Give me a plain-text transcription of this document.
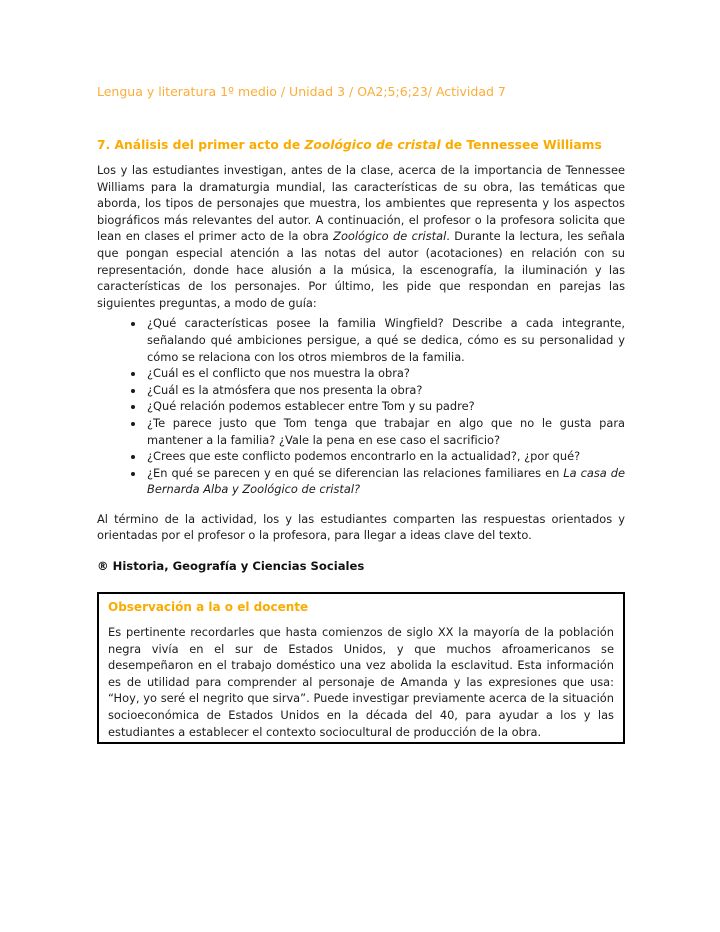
Lengua y literatura 1º medio / Unidad 3 / OA2;5;6;23/ Actividad 7
7. Análisis del primer acto de Zoológico de cristal de Tennessee Williams

Los y las estudiantes investigan, antes de la clase, acerca de la importancia de Tennessee Williams para la dramaturgia mundial, las características de su obra, las temáticas que aborda, los tipos de personajes que muestra, los ambientes que representa y los aspectos biográficos más relevantes del autor. A continuación, el profesor o la profesora solicita que lean en clases el primer acto de la obra Zoológico de cristal. Durante la lectura, les señala que pongan especial atención a las notas del autor (acotaciones) en relación con su representación, donde hace alusión a la música, la escenografía, la iluminación y las características de los personajes. Por último, les pide que respondan en parejas las siguientes preguntas, a modo de guía:

• ¿Qué características posee la familia Wingfield? Describe a cada integrante, señalando qué ambiciones persigue, a qué se dedica, cómo es su personalidad y cómo se relaciona con los otros miembros de la familia.
• ¿Cuál es el conflicto que nos muestra la obra?
• ¿Cuál es la atmósfera que nos presenta la obra?
• ¿Qué relación podemos establecer entre Tom y su padre?
• ¿Te parece justo que Tom tenga que trabajar en algo que no le gusta para mantener a la familia? ¿Vale la pena en ese caso el sacrificio?
• ¿Crees que este conflicto podemos encontrarlo en la actualidad?, ¿por qué?
• ¿En qué se parecen y en qué se diferencian las relaciones familiares en La casa de Bernarda Alba y Zoológico de cristal?

Al término de la actividad, los y las estudiantes comparten las respuestas orientados y orientadas por el profesor o la profesora, para llegar a ideas clave del texto.

® Historia, Geografía y Ciencias Sociales

Observación a la o el docente

Es pertinente recordarles que hasta comienzos de siglo XX la mayoría de la población negra vivía en el sur de Estados Unidos, y que muchos afroamericanos se desempeñaron en el trabajo doméstico una vez abolida la esclavitud. Esta información es de utilidad para comprender al personaje de Amanda y las expresiones que usa: “Hoy, yo seré el negrito que sirva”. Puede investigar previamente acerca de la situación socioeconómica de Estados Unidos en la década del 40, para ayudar a los y las estudiantes a establecer el contexto sociocultural de producción de la obra.
